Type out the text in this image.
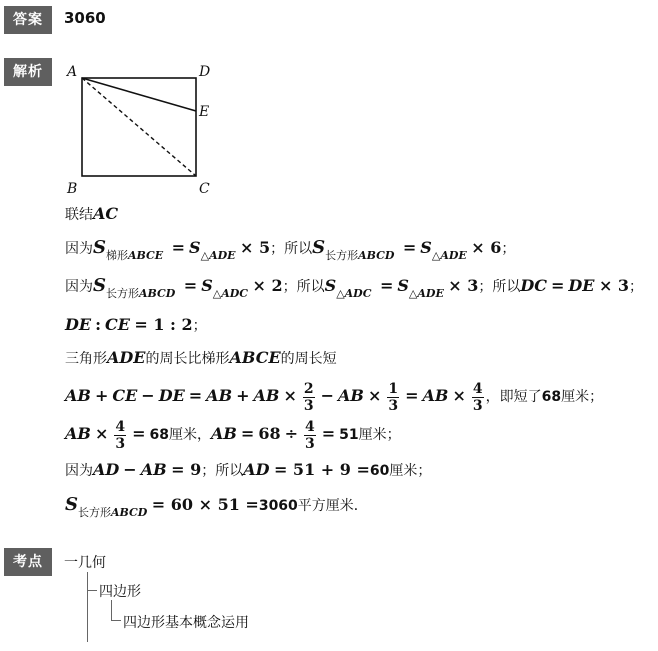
答案	3060
解析	A	D
E
B	C
联结AC
因为$S_{梯形ABCE} = S_{\triangle ADE} \times 5$；所以$S_{长方形ABCD} = S_{\triangle ADE} \times 6$；
因为$S_{长方形ABCD} = S_{\triangle ADC} \times 2$；所以$S_{\triangle ADC} = S_{\triangle ADE} \times 3$；所以DC = DE × 3；
DE : CE = 1 : 2；
三角形ADE的周长比梯形ABCE的周长短
AB + CE − DE = AB + AB × $\frac{2}{3}$ − AB × $\frac{1}{3}$ = AB × $\frac{4}{3}$ ，即短了68厘米；
AB × $\frac{4}{3} = 68$厘米，AB = $68 \div \frac{4}{3} = 51$厘米；
因为AD − AB = 9；所以AD = 51 + 9 =60厘米；
$S_{长方形ABCD} = 60 \times 51 =3060$平方厘米．
考点	一几何
四边形
四边形基本概念运用
